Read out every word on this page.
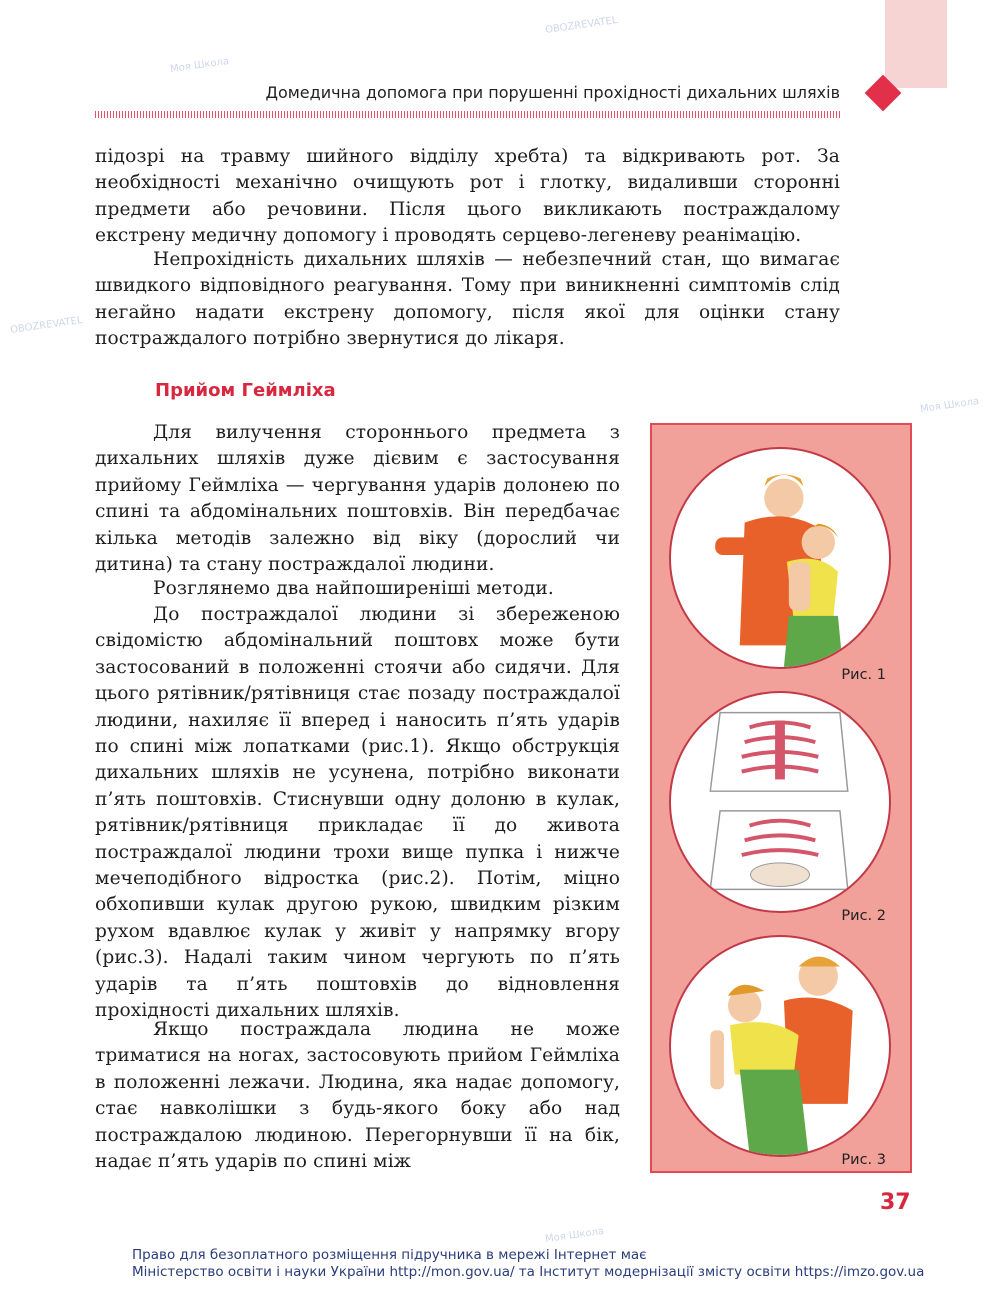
Моя Школа
OBOZREVATEL
Моя Школа
OBOZREVATEL
Моя Школа
Домедична допомога при порушенні прохідності дихальних шляхів

підозрі на травму шийного відділу хребта) та відкривають рот. За необхідності механічно очищують рот і глотку, видаливши сторонні предмети або речовини. Після цього викликають постраждалому екстрену медичну допомогу і проводять серцево-легеневу реанімацію.

Непрохідність дихальних шляхів — небезпечний стан, що вимагає швидкого відповідного реагування. Тому при виникненні симптомів слід негайно надати екстрену допомогу, після якої для оцінки стану постраждалого потрібно звернутися до лікаря.

Прийом Геймліха

Для вилучення стороннього предмета з дихальних шляхів дуже дієвим є застосування прийому Геймліха — чергування ударів долонею по спині та абдомінальних поштовхів. Він передбачає кілька методів залежно від віку (дорослий чи дитина) та стану постраждалої людини.

Розглянемо два найпоширеніші методи.

До постраждалої людини зі збереженою свідомістю абдомінальний поштовх може бути застосований в положенні стоячи або сидячи. Для цього рятівник/рятівниця стає позаду постраждалої людини, нахиляє її вперед і наносить п’ять ударів по спині між лопатками (рис.1). Якщо обструкція дихальних шляхів не усунена, потрібно виконати п’ять поштовхів. Стиснувши одну долоню в кулак, рятівник/рятівниця прикладає її до живота постраждалої людини трохи вище пупка і нижче мечеподібного відростка (рис.2). Потім, міцно обхопивши кулак другою рукою, швидким різким рухом вдавлює кулак у живіт у напрямку вгору (рис.3). Надалі таким чином чергують по п’ять ударів та п’ять поштовхів до відновлення прохідності дихальних шляхів.

Якщо постраждала людина не може триматися на ногах, застосовують прийом Геймліха в положенні лежачи. Людина, яка надає допомогу, стає навколішки з будь-якого боку або над постраждалою людиною. Перегорнувши її на бік, надає п’ять ударів по спині між

Рис. 1
Рис. 2
Рис. 3
37
Право для безоплатного розміщення підручника в мережі Інтернет має
Міністерство освіти і науки України http://mon.gov.ua/ та Інститут модернізації змісту освіти https://imzo.gov.ua
